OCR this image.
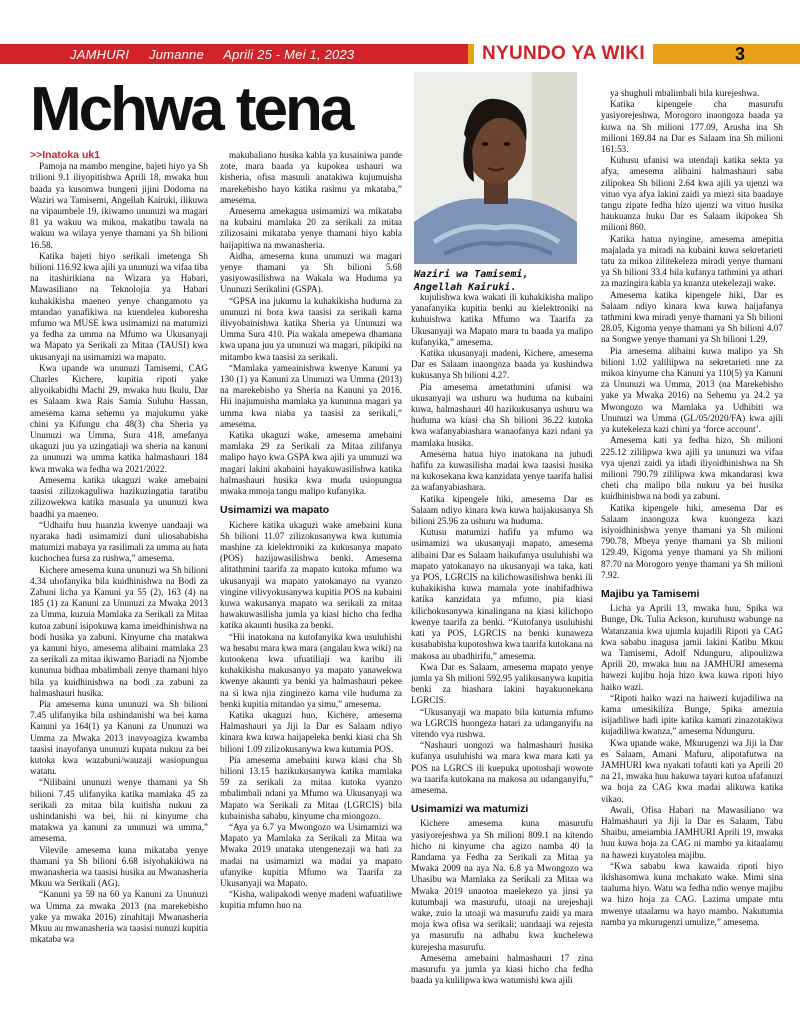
JAMHURI Jumanne Aprili 25 - Mei 1, 2023	NYUNDO YA WIKI	3
Mchwa tena
Waziri wa Tamisemi, Angellah Kairuki.

>>Inatoka uk1

Pamoja na mambo mengine, bajeti hiyo ya Sh trilioni 9.1 iliyopitishwa Aprili 18, mwaka huu baada ya kusomwa bungeni jijini Dodoma na Waziri wa Tamisemi, Angellah Kairuki, ilikuwa na vipaumbele 19, ikiwamo ununuzi wa magari 81 ya wakuu wa mikoa, makatibu tawala na wakuu wa wilaya yenye thamani ya Sh bilioni 16.58.

Katika bajeti hiyo serikali imetenga Sh bilioni 116.92 kwa ajili ya ununuzi wa vifaa tiba na itashirikiana na Wizara ya Habari, Mawasiliano na Teknolojia ya Habari kuhakikisha maeneo yenye changamoto ya mtandao yanafikiwa na kuendelea kuboresha mfumo wa MUSE kwa usimamizi na matumizi ya fedha za umma na Mfumo wa Ukusanyaji wa Mapato ya Serikali za Mitaa (TAUSI) kwa ukusanyaji na usimamizi wa mapato.

Kwa upande wa ununuzi Tamisemi, CAG Charles Kichere, kupitia ripoti yake aliyoikabidhi Machi 29, mwaka huu Ikulu, Dar es Salaam kwa Rais Samia Suluhu Hassan, amesema kama sehemu ya majukumu yake chini ya Kifungu cha 48(3) cha Sheria ya Ununuzi wa Umma, Sura 418, amefanya ukaguzi juu ya uzingatiaji wa sheria na kanuni za ununuzi wa umma katika halmashauri 184 kwa mwaka wa fedha wa 2021/2022.

Amesema katika ukaguzi wake amebaini taasisi zilizokaguliwa hazikuzingatia taratibu zilizowekwa katika masuala ya ununuzi kwa baadhi ya maeneo.

“Udhaifu huu huanzia kwenye uandaaji wa nyaraka hadi usimamizi duni uliosababisha matumizi mabaya ya rasilimali za umma au hata kuchochea fursa za rushwa,” amesema.

Kichere amesema kuna ununuzi wa Sh bilioni 4.34 ulıofanyika bila kuidhinishwa na Bodi za Zabuni licha ya Kanuni ya 55 (2), 163 (4) na 185 (1) za Kanuni za Ununuzi za Mwaka 2013 za Umma, kuzuia Mamlaka za Serikali za Mitaa kutoa zabuni isipokuwa kama imeidhinishwa na bodi husika ya zabuni. Kinyume cha matakwa ya kanuni hiyo, amesema alibaini mamlaka 23 za serikali za mitaa ikiwamo Bariadi na Njombe kununua bidhaa mbalimbali zenye thamani hiyo bila ya kuidhinishwa na bodi za zabuni za halmashauri husika.

Pia amesema kuna ununuzi wa Sh bilioni 7.45 ulifanyika bila ushindanishi wa bei kama Kanuni ya 164(1) ya Kanuni za Ununuzi wa Umma za Mwaka 2013 inavyoagiza kwamba taasisi inayofanya ununuzi kupata nukuu za bei kutoka kwa wazabuni/wauzaji wasiopungua watatu.

“Nilibaini ununuzi wenye thamani ya Sh bilioni 7.45 ulifanyika katika mamlaka 45 za serikali za mitaa bila kuitisha nukuu za ushindanishi wa bei, hii ni kinyume cha matakwa ya kanuni za ununuzi wa umma,” amesema.

Vilevile amesema kuna mikataba yenye thamani ya Sh bilioni 6.68 isiyohakikiwa na mwanasheria wa taasisi husika au Mwanasheria Mkuu wa Serikali (AG).

“Kanuni ya 59 na 60 ya Kanuni za Ununuzi wa Umma za mwaka 2013 (na marekebisho yake ya mwaka 2016) zinahitaji Mwanasheria Mkuu au mwanasheria wa taasisi nunuzi kupitia mkataba wa

makubaliano husika kabla ya kusainiwa pande zote, mara baada ya kupokea ushauri wa kisheria, ofisa masuuli anatakiwa kujumuisha marekebisho hayo katika rasimu ya mkataba,” amesema.

Amesema amekagua usimamizi wa mikataba na kubaini mamlaka 20 za serikali za mitaa zilizosaini mikataba yenye thamani hiyo kabla haijapitiwa na mwanasheria.

Aidha, amesema kuna ununuzi wa magari yenye thamani ya Sh bilioni 5.68 yasiyowasilishwa na Wakala wa Huduma ya Ununuzi Serikalini (GSPA).

“GPSA ina jukumu la kuhakikisha huduma za ununuzi ni bora kwa taasisi za serikali kama ilivyobainishwa katika Sheria ya Ununuzi wa Umma Sura 410. Pia wakala amepewa dhamana kwa upana juu ya ununuzi wa magari, pikipiki na mitambo kwa taasisi za serikali.

“Mamlaka yameainishwa kwenye Kanuni ya 130 (1) ya Kanuni za Ununuzi wa Umma (2013) na marekebisho ya Sheria na Kanuni ya 2016. Hii inajumuisha mamlaka ya kununua magari ya umma kwa niaba ya taasisi za serikali,” amesema.

Katika ukaguzi wake, amesema amebaini mamlaka 29 za Serikali za Mitaa zilifanya malipo hayo kwa GSPA kwa ajili ya ununuzi wa magari lakini akabaini hayakuwasilishwa katika halmashauri husika kwa muda usiopungua mwaka mmoja tangu malipo kufanyika.

Usimamizi wa mapato

Kichere katika ukaguzi wake amebaini kuna Sh bilioni 11.07 zilizokusanywa kwa kutumia mashine za kielektroniki za kukusanya mapato (POS) hazijawasilishwa benki. Amesema alitathmini taarifa za mapato kutoka mfumo wa ukusanyaji wa mapato yatokanayo na vyanzo vingine vilivyokusanywa kupitia POS na kubaini kuwa wakusanya mapato wa serikali za mitaa hawakuwasilisha jumla ya kiasi hicho cha fedha katika akaunti husika za benki.

“Hii inatokana na kutofanyika kwa usuluhishi wa hesabu mara kwa mara (angalau kwa wiki) na kutookena kwa ufuatiliaji wa karibu ili kuhakikisha makusanyo ya mapato yanawekwa kwenye akaunti ya benki ya halmashauri pekee na si kwa njia zinginezo kama vile huduma za benki kupitia mitandao ya simu,” amesema.

Katika ukaguzi huo, Kichere, amesema Halmashauri ya Jiji la Dar es Salaam ndiyo kinara kwa kuwa haijapeleka benki kiasi cha Sh bilioni 1.09 zilizokusanywa kwa kutumia POS.

Pia amesema amebaini kuwa kiasi cha Sh bilioni 13.15 hazikukusanywa katika mamlaka 59 za serikali za mitaa kutoka vyanzo mbalimbali ndani ya Mfumo wa Ukusanyaji wa Mapato wa Serikali za Mitaa (LGRCIS) bila kubainisha sababu, kinyume cha miongozo.

“Aya ya 6.7 ya Mwongozo wa Usimamizi wa Mapato ya Mamlaka za Serikali za Mitaa wa Mwaka 2019 unataka utengenezaji wa hati za madai na usimamizi wa madai ya mapato ufanyike kupitia Mfumo wa Taarifa za Ukusanyaji wa Mapato.

“Kisha, walipakodi wenye madeni wafuatiliwe kupitia mfumo huo na

kujulishwa kwa wakati ili kuhakikisha malipo yanafanyika kupitia benki au kielektroniki na kuhuishwa katika Mfumo wa Taarifa za Ukusanyaji wa Mapato mara tu baada ya malipo kufanyika,” amesema.

Katika ukusanyaji madeni, Kichere, amesema Dar es Salaam inaongoza baada ya kushindwa kukusanya Sh bilioni 4.27.

Pia amesema ametathmini ufanisi wa ukusanyaji wa ushuru wa huduma na kubaini kuwa, halmashauri 40 hazikukusanya ushuru wa huduma wa kiasi cha Sh bilioni 36.22 kutoka kwa wafanyabiashara wanaofanya kazi ndani ya mamlaka husika.

Amesema hatua hiyo inatokana na juhudi hafifu za kuwasilisha madai kwa taasisi husika na kukosekana kwa kanzidata yenye taarifa halisi za wafanyabiashara.

Katika kipengele hiki, amesema Dar es Salaam ndiyo kinara kwa kuwa haijakusanya Sh bilioni 25.96 za ushuru wa huduma.

Kutusu matumizi hafifu ya mfumo wa usimamizi wa ukusanyaji mapato, amesema alibaini Dar es Salaam haikufanya usuluhishi wa mapato yatokanayo na ukusanyaji wa taka, kati ya POS, LGRCIS na kilichowasilishwa benki ili kuhakikisha kuwa mamala yote inahifadhiwa katika kanzidata ya mfumo, pia kiasi kilichokusanywa kinalingana na kiasi kilichopo kwenye taarifa za benki. “Kutofanya usuluhishi kati ya POS, LGRCIS na benki kunaweza kusababisha kupotoshwa kwa taarifa kutokana na makosa au ubadhirifu,” amesema.

Kwa Dar es Salaam, amesema mapato yenye jumla ya Sh milioni 592.95 yalikusanywa kupitia benki za biashara lakini hayakuonekana LGRCIS.

“Ukusanyaji wa mapato bila kutumia mfumo wa LGRCIS huongeza hatari za udanganyifu na vitendo vya rushwa.

“Nashauri uongozi wa halmashauri husika kufanya usuluhishi wa mara kwa mara kati ya POS na LGRCS ili kuepuka upotoshaji wowote wa taarifa kutokana na makosa au udanganyifu,” amesema.

Usimamizi wa matumizi

Kichere amesema kuna masurufu yasiyorejeshwa ya Sh milioni 809.1 na kitendo hicho ni kinyume cha agizo namba 40 la Randama ya Fedha za Serikali za Mitaa ya Mwaka 2009 na aya Na. 6.8 ya Mwongozo wa Uhasibu wa Mamlaka za Serikali za Mitaa wa Mwaka 2019 unaotoa maelekezo ya jinsi ya kutumbaji wa masurufu, utoaji na urejeshaji wake, zuio la utoaji wa masurufu zaidi ya mara moja kwa ofisa wa serikali; uandaaji wa rejesta ya masurufu na adhabu kwa kuchelewa kurejesha masurufu.

Amesema amebaini halmashauri 17 zina masurufu ya jumla ya kiasi hicho cha fedha baada ya kulilipwa kwa watumishi kwa ajili

ya shughuli mbalimbali bila kurejeshwa.

Katika kipengele cha masurufu yasiyorejeshwa, Morogoro inaongoza baada ya kuwa na Sh milioni 177.09, Arusha ina Sh milioni 169.84 na Dar es Salaam ina Sh milioni 161.53.

Kuhusu ufanisi wa utendaji katika sekta ya afya, amesema alibaini halmashauri saba zilipokea Sh bilioni 2.64 kwa ajili ya ujenzi wa vituo vya afya lakini zaidi ya miezi sita baadaye tangu zipate fedha hizo ujenzi wa vituo husika haukuanza huku Dar es Salaam ikipokea Sh milioni 860.

Katika hatua nyingine, amesema amepitia majalada ya miradi na kubaini kuwa sekretarieti tatu za mikoa zilitekeleza miradi yenye thamani ya Sh bilioni 33.4 bila kufanya tathmini ya athari za mazingira kabla ya kuanza utekelezaji wake.

Amesema katika kipengele hiki, Dar es Salaam ndiyo kinara kwa kuwa haijafanya tathmini kwa miradi yenye thamani ya Sh bilioni 28.05, Kigoma yenye thamani ya Sh bilioni 4.07 na Songwe yenye thamani ya Sh bilioni 1.29.

Pia amesema alibaini kuwa malipo ya Sh bilioni 1.02 yaliliipwa na sekretarieti nne za mikoa kinyume cha Kanuni ya 110(5) ya Kanuni za Ununuzi wa Umma, 2013 (na Marekebisho yake ya Mwaka 2016) na Sehemu ya 24.2 ya Mwongozo wa Mamlaka ya Udhibiti wa Ununuzi wa Umma (GL/05/2020/FA) kwa ajili ya kutekeleza kazi chini ya ‘force account’.

Amesema kati ya fedha hizo, Sh milioni 225.12 zililipwa kwa ajili ya ununuzi wa vifaa vya ujenzi zaidi ya idadi iliyoidhinishwa na Sh milioni 790.79 zililipwa kwa mkandarasi kwa cheti cha malipo bila nukuu ya bei husika kuidhinishwa na bodi ya zabuni.

Katika kipengele hiki, amesema Dar es Salaam inaongoza kwa kuongeza kazi isiyoidhinishwa yenye thamani ya Sh milioni 790.78, Mbeya yenye thamani ya Sh milioni 129.49, Kigoma yenye thamani ya Sh milioni 87.70 na Morogoro yenye thamani ya Sh milioni 7.92.

Majibu ya Tamisemi

Licha ya Aprili 13, mwaka huu, Spika wa Bunge, Dk. Tulia Ackson, kuruhusu wabunge na Watanzania kwa ujumla kujadili Ripoti ya CAG kwa sababu inagusa jamii lakini Katibu Mkuu wa Tamisemi, Adolf Ndunguru, alipoulizwa Aprili 20, mwaka huu na JAMHURI amesema hawezi kujibu hoja hizo kwa kuwa ripoti hiyo haiko wazi.

“Ripoti haiko wazi na haiwezi kujadiliwa na kama umesikiliza Bunge, Spika amezuia isijadiliwe hadi ipite katika kamati zinazotakiwa kujadiliwa kwanza,” amesema Ndunguru.

Kwa upande wake, Mkurugenzi wa Jiji la Dar es Salaam, Amani Mafuru, alipotafutwa na JAMHURI kwa nyakati tofauti kati ya Aprili 20 na 21, mwaka huu hakuwa tayari kutoa ufafanuzi wa hoja za CAG kwa madai alikuwa katika vikao.

Awali, Ofisa Habari na Mawasiliano wa Halmashauri ya Jiji la Dar es Salaam, Tabu Shaibu, ameiambia JAMHURI Aprili 19, mwaka huu kuwa hoja za CAG ni mambo ya kitaalamu na hawezi kuyatolea majibu.

“Kwa sababu kwa kawaida ripoti hiyo ikishasomwa kuna mchakato wake. Mimi sina taaluma hiyo. Watu wa fedha ndio wenye majibu wa hizo hoja za CAG. Lazima umpate mtu mwenye utaalamu wa hayo mambo. Nakutumia namba ya mkurugenzi umulize,” amesema.
